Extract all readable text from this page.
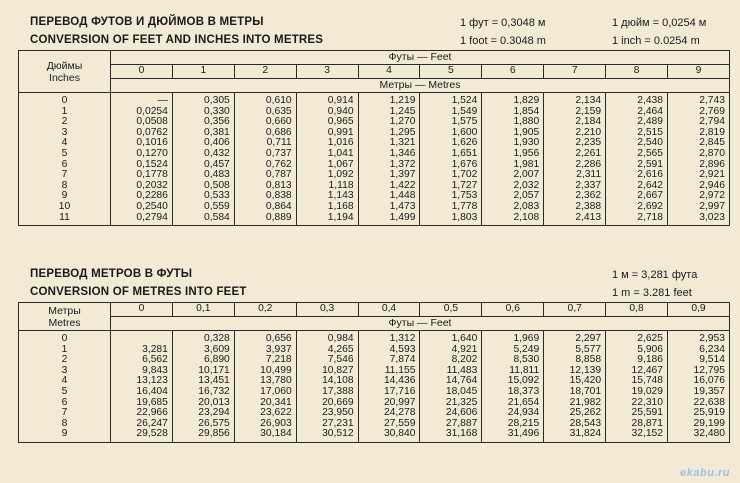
ПЕРЕВОД ФУТОВ И ДЮЙМОВ В МЕТРЫ
CONVERSION OF FEET AND INCHES INTO METRES
1 фут = 0,3048 м	1 дюйм = 0,0254 м
1 foot = 0.3048 m	1 inch = 0.0254 m
Дюймы
Inches	Футы — Feet									
	0	1	2	3	4	5	6	7	8	9
	Метры — Metres									
0	—	0,305	0,610	0,914	1,219	1,524	1,829	2,134	2,438	2,743
1	0,0254	0,330	0,635	0,940	1,245	1,549	1,854	2,159	2,464	2,769
2	0,0508	0,356	0,660	0,965	1,270	1,575	1,880	2,184	2,489	2,794
3	0,0762	0,381	0,686	0,991	1,295	1,600	1,905	2,210	2,515	2,819
4	0,1016	0,406	0,711	1,016	1,321	1,626	1,930	2,235	2,540	2,845
5	0,1270	0,432	0,737	1,041	1,346	1,651	1,956	2,261	2,565	2,870
6	0,1524	0,457	0,762	1,067	1,372	1,676	1,981	2,286	2,591	2,896
7	0,1778	0,483	0,787	1,092	1,397	1,702	2,007	2,311	2,616	2,921
8	0,2032	0,508	0,813	1,118	1,422	1,727	2,032	2,337	2,642	2,946
9	0,2286	0,533	0,838	1,143	1,448	1,753	2,057	2,362	2,667	2,972
10	0,2540	0,559	0,864	1,168	1,473	1,778	2,083	2,388	2,692	2,997
11	0,2794	0,584	0,889	1,194	1,499	1,803	2,108	2,413	2,718	3,023
ПЕРЕВОД МЕТРОВ В ФУТЫ
CONVERSION OF METRES INTO FEET
1 м = 3,281 фута
1 m = 3.281 feet
Метры
Metres	0	0,1	0,2	0,3	0,4	0,5	0,6	0,7	0,8	0,9
	Футы — Feet									
0		0,328	0,656	0,984	1,312	1,640	1,969	2,297	2,625	2,953
1	3,281	3,609	3,937	4,265	4,593	4,921	5,249	5,577	5,906	6,234
2	6,562	6,890	7,218	7,546	7,874	8,202	8,530	8,858	9,186	9,514
3	9,843	10,171	10,499	10,827	11,155	11,483	11,811	12,139	12,467	12,795
4	13,123	13,451	13,780	14,108	14,436	14,764	15,092	15,420	15,748	16,076
5	16,404	16,732	17,060	17,388	17,716	18,045	18,373	18,701	19,029	19,357
6	19,685	20,013	20,341	20,669	20,997	21,325	21,654	21,982	22,310	22,638
7	22,966	23,294	23,622	23,950	24,278	24,606	24,934	25,262	25,591	25,919
8	26,247	26,575	26,903	27,231	27,559	27,887	28,215	28,543	28,871	29,199
9	29,528	29,856	30,184	30,512	30,840	31,168	31,496	31,824	32,152	32,480
ekabu.ru
